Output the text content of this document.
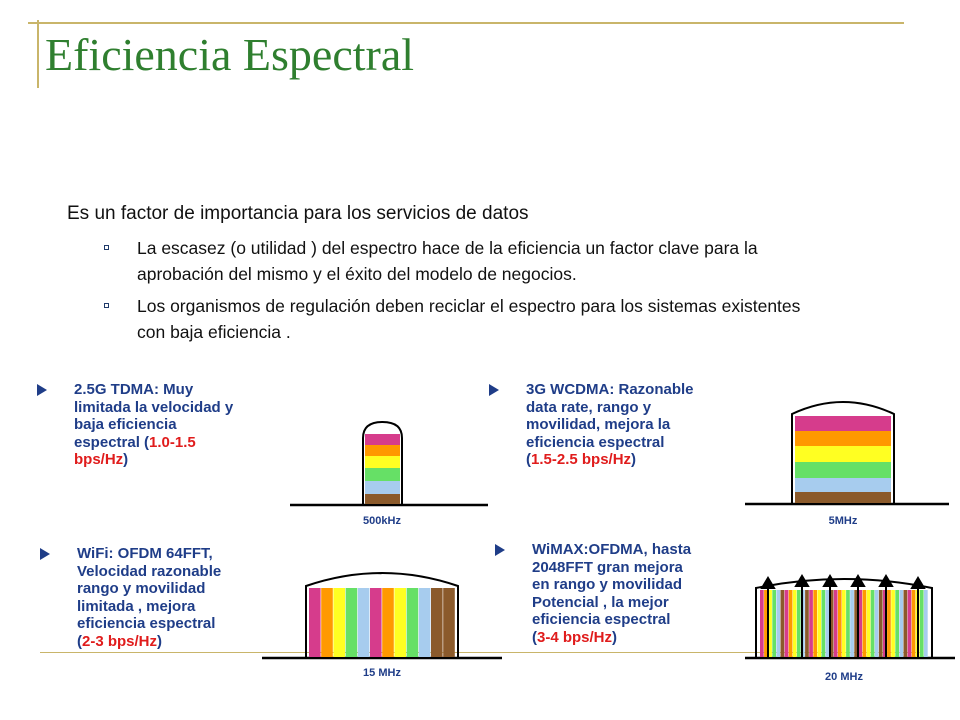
Eficiencia Espectral
Es un factor de importancia para los servicios de datos
La escasez (o utilidad ) del espectro hace de la eficiencia un factor clave para la aprobación del mismo y el éxito del modelo de negocios.
Los organismos de regulación deben reciclar el espectro para los sistemas existentes con baja eficiencia .
2.5G TDMA: Muy
limitada la velocidad y
baja eficiencia
espectral (1.0-1.5
bps/Hz)
3G WCDMA: Razonable
data rate, rango y
movilidad, mejora la
eficiencia espectral
(1.5-2.5 bps/Hz)
WiFi: OFDM 64FFT,
Velocidad razonable
rango y movilidad
limitada , mejora
eficiencia espectral
(2-3 bps/Hz)
WiMAX:OFDMA, hasta
2048FFT gran mejora
en rango y movilidad
Potencial , la mejor
eficiencia espectral
(3-4 bps/Hz)
500kHz	5MHz
15 MHz	20 MHz
